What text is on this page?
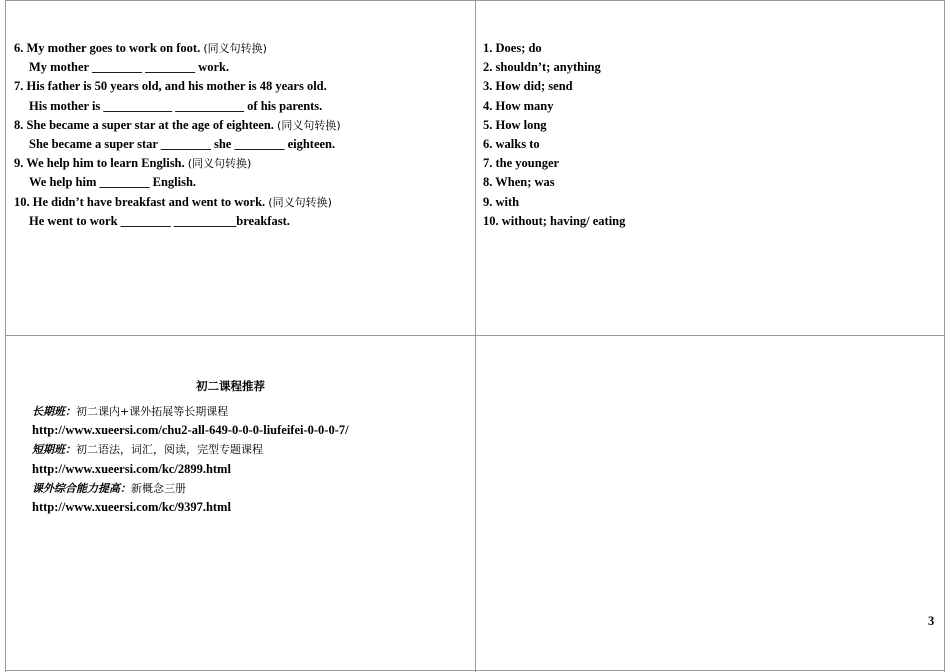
6. My mother goes to work on foot. (同义句转换)
My mother ________ ________ work.
7. His father is 50 years old, and his mother is 48 years old.
His mother is ___________ ___________ of his parents.
8. She became a super star at the age of eighteen. (同义句转换)
She became a super star ________ she ________ eighteen.
9. We help him to learn English. (同义句转换)
We help him ________ English.
10. He didn’t have breakfast and went to work. (同义句转换)
He went to work ________ __________breakfast.
1. Does; do
2. shouldn’t; anything
3. How did; send
4. How many
5. How long
6. walks to
7. the younger
8. When; was
9. with
10. without; having/ eating
初二课程推荐
长期班：初二课内+课外拓展等长期课程
http://www.xueersi.com/chu2-all-649-0-0-0-liufeifei-0-0-0-7/
短期班：初二语法，词汇，阅读，完型专题课程
http://www.xueersi.com/kc/2899.html
课外综合能力提高：新概念三册
http://www.xueersi.com/kc/9397.html
3
